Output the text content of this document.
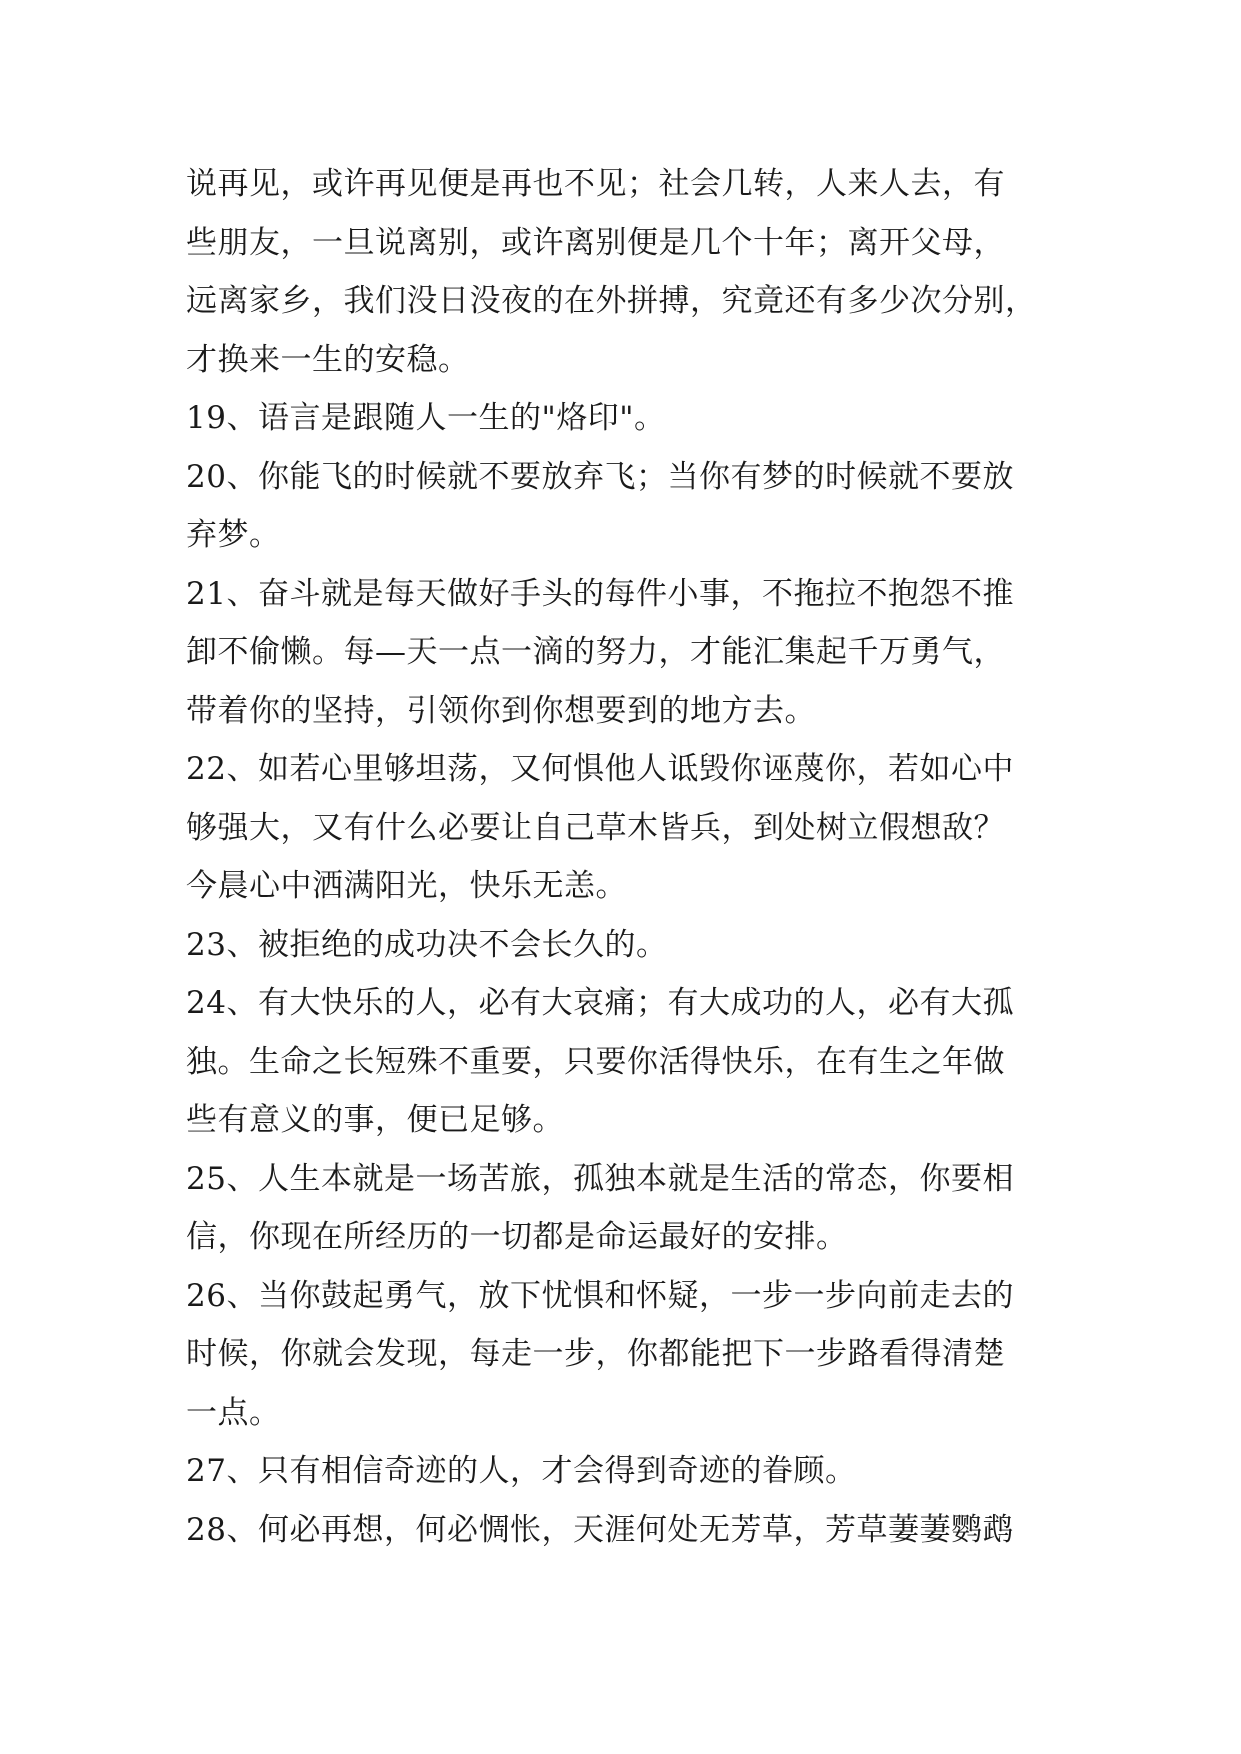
说再见，或许再见便是再也不见；社会几转，人来人去，有
些朋友，一旦说离别，或许离别便是几个十年；离开父母，
远离家乡，我们没日没夜的在外拼搏，究竟还有多少次分别，
才换来一生的安稳。
19、语言是跟随人一生的"烙印"。
20、你能飞的时候就不要放弃飞；当你有梦的时候就不要放
弃梦。
21、奋斗就是每天做好手头的每件小事，不拖拉不抱怨不推
卸不偷懒。每—天一点一滴的努力，才能汇集起千万勇气，
带着你的坚持，引领你到你想要到的地方去。
22、如若心里够坦荡，又何惧他人诋毁你诬蔑你，若如心中
够强大，又有什么必要让自己草木皆兵，到处树立假想敌？
今晨心中洒满阳光，快乐无恙。
23、被拒绝的成功决不会长久的。
24、有大快乐的人，必有大哀痛；有大成功的人，必有大孤
独。生命之长短殊不重要，只要你活得快乐，在有生之年做
些有意义的事，便已足够。
25、人生本就是一场苦旅，孤独本就是生活的常态，你要相
信，你现在所经历的一切都是命运最好的安排。
26、当你鼓起勇气，放下忧惧和怀疑，一步一步向前走去的
时候，你就会发现，每走一步，你都能把下一步路看得清楚
一点。
27、只有相信奇迹的人，才会得到奇迹的眷顾。
28、何必再想，何必惆怅，天涯何处无芳草，芳草萋萋鹦鹉
